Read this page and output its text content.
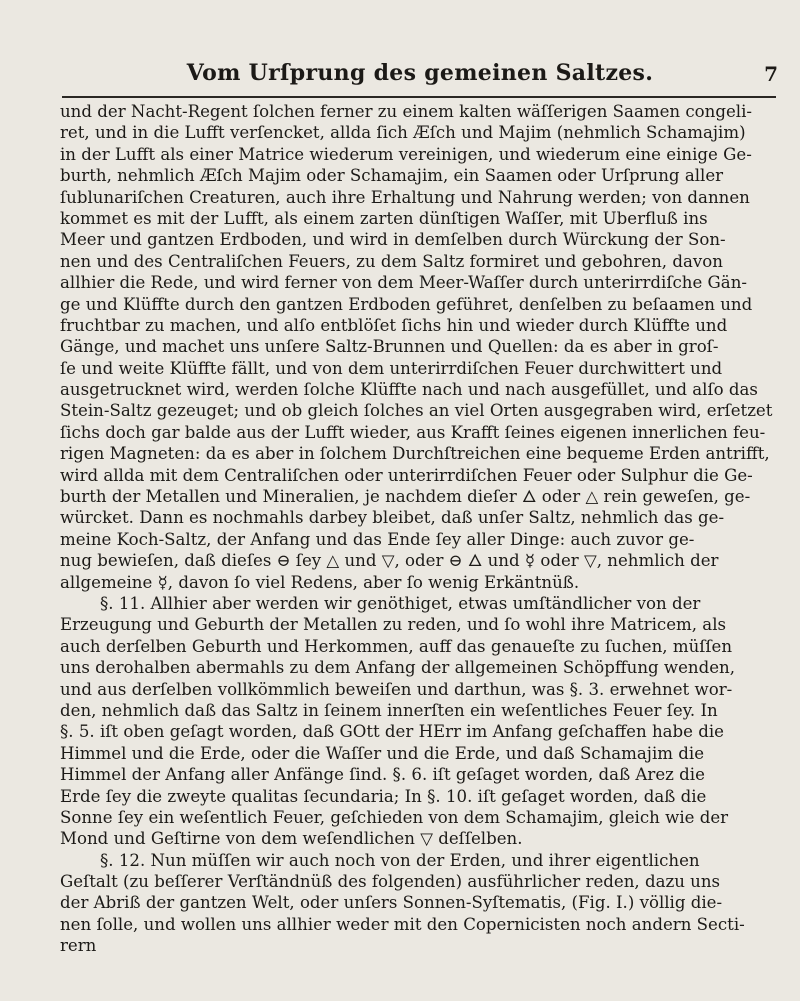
Vom Urſprung des gemeinen Saltzes.	7
und der Nacht-Regent ſolchen ferner zu einem kalten wäſſerigen Saamen congeli-
ret, und in die Lufft verſencket, allda ſich Æſch und Majim (nehmlich Schamajim)
in der Lufft als einer Matrice wiederum vereinigen, und wiederum eine einige Ge-
burth, nehmlich Æſch Majim oder Schamajim, ein Saamen oder Urſprung aller
ſublunariſchen Creaturen, auch ihre Erhaltung und Nahrung werden; von dannen
kommet es mit der Lufft, als einem zarten dünſtigen Waſſer, mit Uberfluß ins
Meer und gantzen Erdboden, und wird in demſelben durch Würckung der Son-
nen und des Centraliſchen Feuers, zu dem Saltz formiret und gebohren, davon
allhier die Rede, und wird ferner von dem Meer-Waſſer durch unterirrdiſche Gän-
ge und Klüffte durch den gantzen Erdboden geführet, denſelben zu beſaamen und
fruchtbar zu machen, und alſo entblöſet ſichs hin und wieder durch Klüffte und
Gänge, und machet uns unſere Saltz-Brunnen und Quellen: da es aber in groſ-
ſe und weite Klüffte fällt, und von dem unterirrdiſchen Feuer durchwittert und
ausgetrucknet wird, werden ſolche Klüffte nach und nach ausgefüllet, und alſo das
Stein-Saltz gezeuget; und ob gleich ſolches an viel Orten ausgegraben wird, erſetzet
ſichs doch gar balde aus der Lufft wieder, aus Krafft ſeines eigenen innerlichen feu-
rigen Magneten: da es aber in ſolchem Durchſtreichen eine bequeme Erden antrifft,
wird allda mit dem Centraliſchen oder unterirrdiſchen Feuer oder Sulphur die Ge-
burth der Metallen und Mineralien, je nachdem dieſer 🜂 oder △ rein geweſen, ge-
würcket. Dann es nochmahls darbey bleibet, daß unſer Saltz, nehmlich das ge-
meine Koch-Saltz, der Anfang und das Ende ſey aller Dinge: auch zuvor ge-
nug bewieſen, daß dieſes ⊖ ſey △ und ▽, oder ⊖ 🜂 und ☿ oder ▽, nehmlich der
allgemeine ☿, davon ſo viel Redens, aber ſo wenig Erkäntnüß.
§. 11. Allhier aber werden wir genöthiget, etwas umſtändlicher von der
Erzeugung und Geburth der Metallen zu reden, und ſo wohl ihre Matricem, als
auch derſelben Geburth und Herkommen, auff das genaueſte zu ſuchen, müſſen
uns derohalben abermahls zu dem Anfang der allgemeinen Schöpffung wenden,
und aus derſelben vollkömmlich beweiſen und darthun, was §. 3. erwehnet wor-
den, nehmlich daß das Saltz in ſeinem innerſten ein weſentliches Feuer ſey. In
§. 5. iſt oben geſagt worden, daß GOtt der HErr im Anfang geſchaffen habe die
Himmel und die Erde, oder die Waſſer und die Erde, und daß Schamajim die
Himmel der Anfang aller Anfänge ſind. §. 6. iſt geſaget worden, daß Arez die
Erde ſey die zweyte qualitas ſecundaria; In §. 10. iſt geſaget worden, daß die
Sonne ſey ein weſentlich Feuer, geſchieden von dem Schamajim, gleich wie der
Mond und Geſtirne von dem weſendlichen ▽ deſſelben.
§. 12. Nun müſſen wir auch noch von der Erden, und ihrer eigentlichen
Geſtalt (zu beſſerer Verſtändnüß des folgenden) ausführlicher reden, dazu uns
der Abriß der gantzen Welt, oder unſers Sonnen-Syſtematis, (Fig. I.) völlig die-
nen ſolle, und wollen uns allhier weder mit den Copernicisten noch andern Secti-
rern
